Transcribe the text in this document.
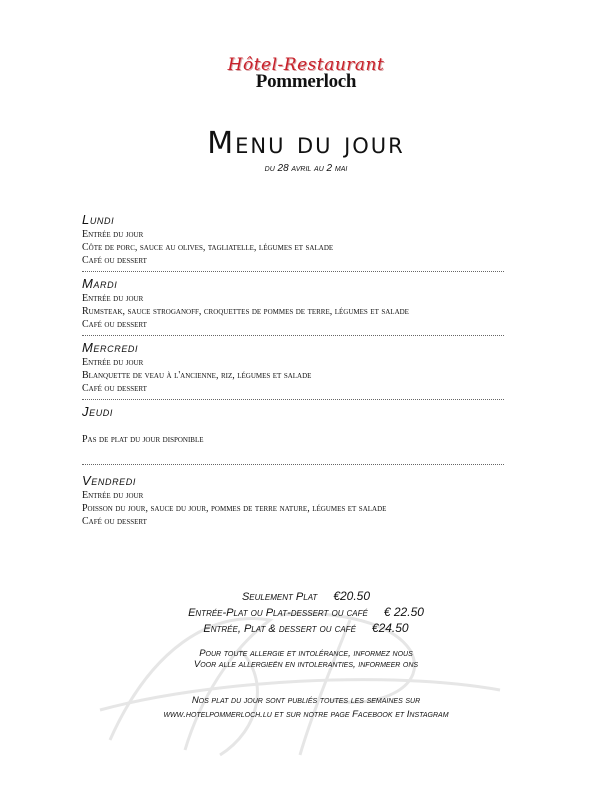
Hôtel-Restaurant
Pommerloch
Menu du jour
du 28 avril au 2 mai
Lundi
Entrée du jour
Côte de porc, sauce au olives, tagliatelle, légumes et salade
Café ou dessert
Mardi
Entrée du jour
Rumsteak, sauce stroganoff, croquettes de pommes de terre, légumes et salade
Café ou dessert
Mercredi
Entrée du jour
Blanquette de veau à l'ancienne, riz, légumes et salade
Café ou dessert
Jeudi
Pas de plat du jour disponible
Vendredi
Entrée du jour
Poisson du jour, sauce du jour, pommes de terre nature, légumes et salade
Café ou dessert
Seulement Plat €20.50
Entrée-Plat ou Plat-dessert ou café € 22.50
Entrée, Plat & dessert ou café €24.50
Pour toute allergie et intolérance, informez nous
Voor alle allergieën en intoleranties, informeer ons
Nos plat du jour sont publiés toutes les semaines sur
www.hotelpommerloch.lu et sur notre page Facebook et Instagram
